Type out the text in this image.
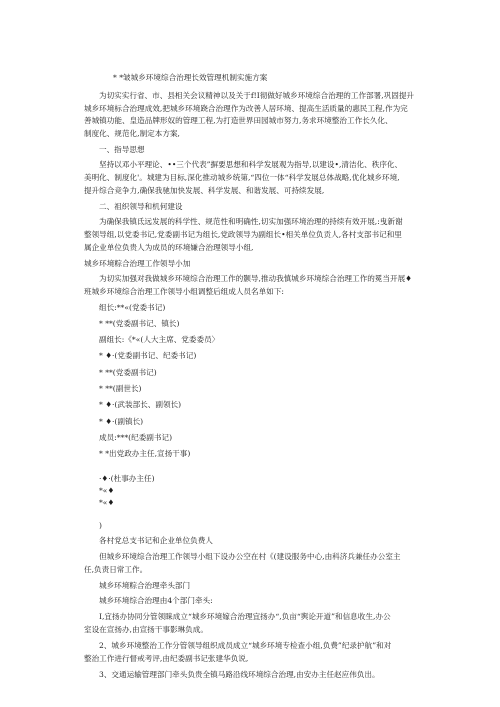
* *皱城乡环境综合治理长效管理机制实施方案
为切实实行省、市、县相关会议精神以及关于f!I彻做好城乡环境综合治理的工作部署,巩固提升
城乡环境标合治理成效,把城乡环境跷合治理作为改善人居环境、提高生活质量的惠民工程,作为完
善城镇功能、皇造品牌形奴的管理工程,为打造世界田园城市努力,务求环境整治工作长久化、
制度化、规范化,制定本方案,
一、指导思想
坚持以邓小平理论、••三个代表”摒要思想和科学发展观为指导,以建设•,清洁化、秩序化、
美明化、制度化'。城建为目标,深化推动城乡统第,“四位一体“科学发展总体战略,优化城乡环境,
提升综合竞争力,确保我驰加快发展、科学发展、和谐发展、可持续发展,
二、祖织领导和机何建设
为确保我镇氐远发展的科学性、规范性和明确性,切实加强环境治理的持续有效开展,:曳新谢
整领导组,以党委书记,党委副书记为组长,党政领导为副组长•相关单位负贡人,各村支部书记和里
属企业单位负贵人为成员的环境嫌合治理领导小组,
城乡环境粽合治理工作领导小加
为切实加强对我做城乡环境综合治理工作的颢导,推动我慎城乡环境综合治理工作的冕当开展♦
班城乡环境综合治理工作领导小组调整后组成人员名单如下:
组长:**«(党委书记)
* **(党委副书记、镇长)
副组长:《*«(人大主席、党委委员〉
* ♦·(党委副书记、纪委书记)
* **(党委副书记)
* **(副世长)
* ♦·(武装部长、副领长)
* ♦·(副镇长)
成员:***(纪委副书记)
* *出党政办主任,宣扬干事)
·♦·(杜事办主任)
*«♦
*«♦
)
各村党总支书记和企业单位负费人
但城乡环境综合治理工作领导小组下设办公空在村《(建设服务中心,由科济兵兼任办公室主
任,负责日常工作。
城乡环境粽合治理牵头部门
城乡环境综合治理由4个部门牵头:
I,宜扬办协同分管领睐成立“城乡环境嫁合治理宜扬办“,负亩“舆论开道”和信息收生,办公
室设在宣扬办,由宣扬干事影琳负成。
2、城乡环境整治工作分管领导组织成员成立“城乡环境专检查小组,负费”纪录护航”和对
整治工作进行督戒考评,由纪委副书记张建华负说,
3、交通运输管理部门牵头负贵全镇马路沿线环境综合治理,由安办主任赵应伟负出。
